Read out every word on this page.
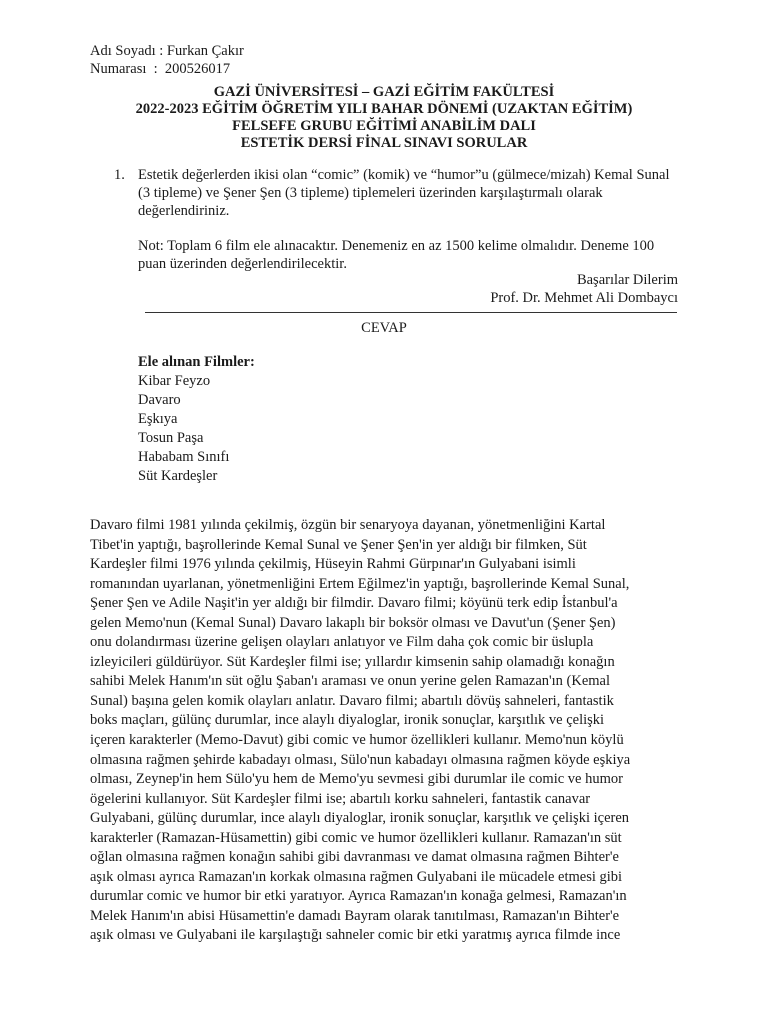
Adı Soyadı : Furkan Çakır
Numarası  :  200526017
GAZİ ÜNİVERSİTESİ – GAZİ EĞİTİM FAKÜLTESİ
2022-2023 EĞİTİM ÖĞRETİM YILI BAHAR DÖNEMİ (UZAKTAN EĞİTİM)
FELSEFE GRUBU EĞİTİMİ ANABİLİM DALI
ESTETİK DERSİ FİNAL SINAVI SORULAR
1. Estetik değerlerden ikisi olan “comic” (komik) ve “humor”u (gülmece/mizah) Kemal Sunal (3 tipleme) ve Şener Şen (3 tipleme) tiplemeleri üzerinden karşılaştırmalı olarak değerlendiriniz.
Not: Toplam 6 film ele alınacaktır. Denemeniz en az 1500 kelime olmalıdır. Deneme 100 puan üzerinden değerlendirilecektir.
Başarılar Dilerim
Prof. Dr. Mehmet Ali Dombaycı
CEVAP
Ele alınan Filmler:
Kibar Feyzo
Davaro
Eşkıya
Tosun Paşa
Hababam Sınıfı
Süt Kardeşler
Davaro filmi 1981 yılında çekilmiş, özgün bir senaryoya dayanan, yönetmenliğini Kartal
Tibet'in yaptığı, başrollerinde Kemal Sunal ve Şener Şen'in yer aldığı bir filmken, Süt
Kardeşler filmi 1976 yılında çekilmiş, Hüseyin Rahmi Gürpınar'ın Gulyabani isimli
romanından uyarlanan, yönetmenliğini Ertem Eğilmez'in yaptığı, başrollerinde Kemal Sunal,
Şener Şen ve Adile Naşit'in yer aldığı bir filmdir. Davaro filmi; köyünü terk edip İstanbul'a
gelen Memo'nun (Kemal Sunal) Davaro lakaplı bir boksör olması ve Davut'un (Şener Şen)
onu dolandırması üzerine gelişen olayları anlatıyor ve Film daha çok comic bir üslupla
izleyicileri güldürüyor. Süt Kardeşler filmi ise; yıllardır kimsenin sahip olamadığı konağın
sahibi Melek Hanım'ın süt oğlu Şaban'ı araması ve onun yerine gelen Ramazan'ın (Kemal
Sunal) başına gelen komik olayları anlatır. Davaro filmi; abartılı dövüş sahneleri, fantastik
boks maçları, gülünç durumlar, ince alaylı diyaloglar, ironik sonuçlar, karşıtlık ve çelişki
içeren karakterler (Memo-Davut) gibi comic ve humor özellikleri kullanır. Memo'nun köylü
olmasına rağmen şehirde kabadayı olması, Sülo'nun kabadayı olmasına rağmen köyde eşkiya
olması, Zeynep'in hem Sülo'yu hem de Memo'yu sevmesi gibi durumlar ile comic ve humor
ögelerini kullanıyor. Süt Kardeşler filmi ise; abartılı korku sahneleri, fantastik canavar
Gulyabani, gülünç durumlar, ince alaylı diyaloglar, ironik sonuçlar, karşıtlık ve çelişki içeren
karakterler (Ramazan-Hüsamettin) gibi comic ve humor özellikleri kullanır. Ramazan'ın süt
oğlan olmasına rağmen konağın sahibi gibi davranması ve damat olmasına rağmen Bihter'e
aşık olması ayrıca Ramazan'ın korkak olmasına rağmen Gulyabani ile mücadele etmesi gibi
durumlar comic ve humor bir etki yaratıyor. Ayrıca Ramazan'ın konağa gelmesi, Ramazan'ın
Melek Hanım'ın abisi Hüsamettin'e damadı Bayram olarak tanıtılması, Ramazan'ın Bihter'e
aşık olması ve Gulyabani ile karşılaştığı sahneler comic bir etki yaratmış ayrıca filmde ince
